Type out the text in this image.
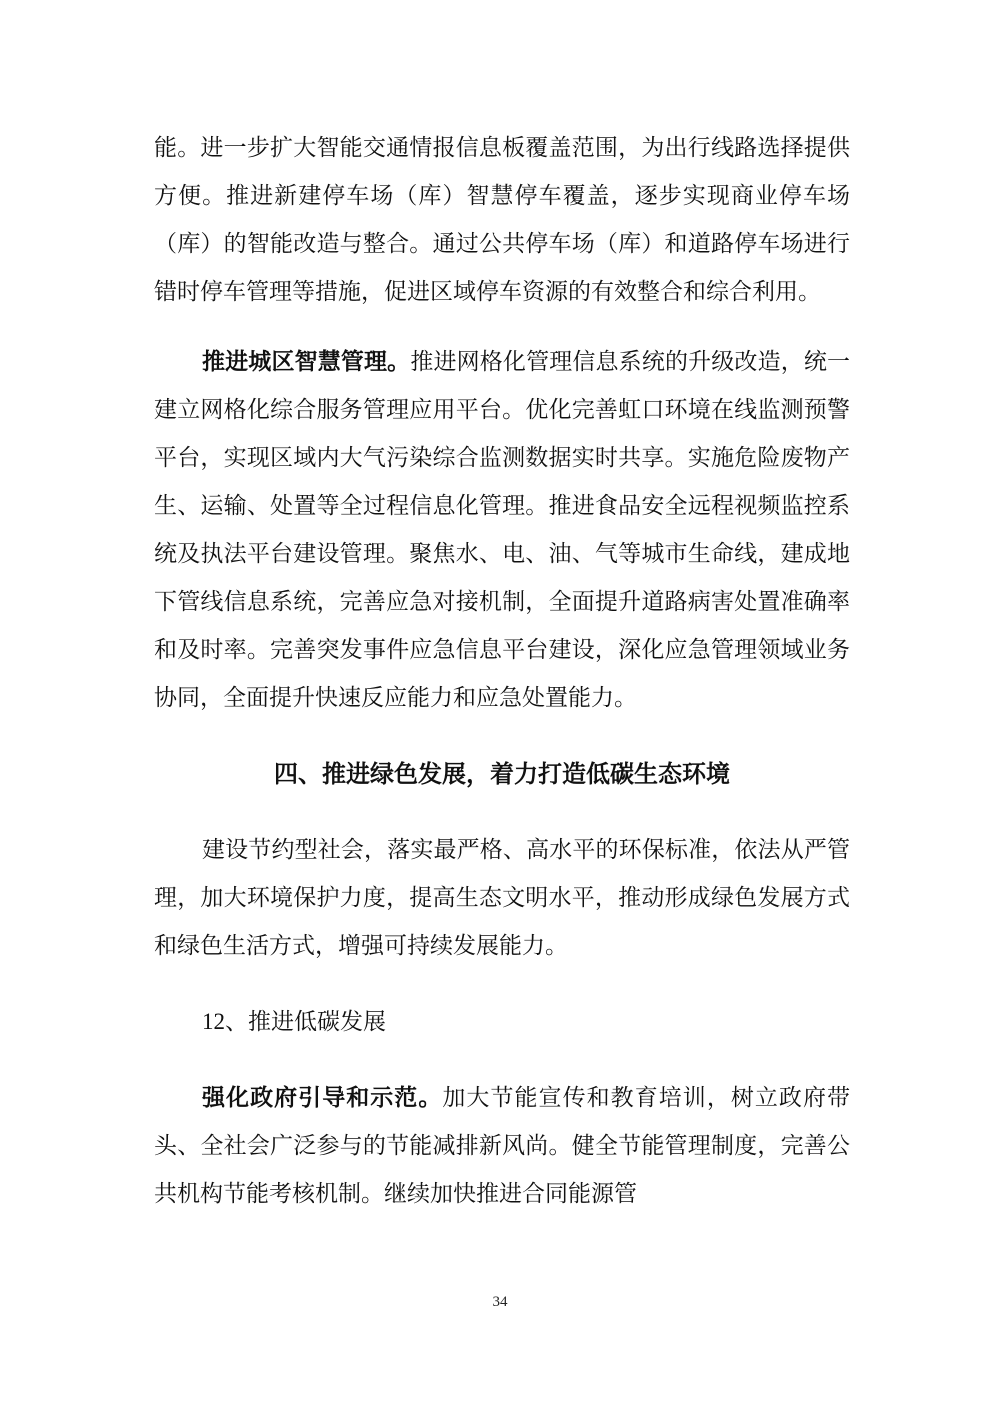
能。进一步扩大智能交通情报信息板覆盖范围，为出行线路选择提供方便。推进新建停车场（库）智慧停车覆盖，逐步实现商业停车场（库）的智能改造与整合。通过公共停车场（库）和道路停车场进行错时停车管理等措施，促进区域停车资源的有效整合和综合利用。

推进城区智慧管理。推进网格化管理信息系统的升级改造，统一建立网格化综合服务管理应用平台。优化完善虹口环境在线监测预警平台，实现区域内大气污染综合监测数据实时共享。实施危险废物产生、运输、处置等全过程信息化管理。推进食品安全远程视频监控系统及执法平台建设管理。聚焦水、电、油、气等城市生命线，建成地下管线信息系统，完善应急对接机制，全面提升道路病害处置准确率和及时率。完善突发事件应急信息平台建设，深化应急管理领域业务协同，全面提升快速反应能力和应急处置能力。

四、推进绿色发展，着力打造低碳生态环境

建设节约型社会，落实最严格、高水平的环保标准，依法从严管理，加大环境保护力度，提高生态文明水平，推动形成绿色发展方式和绿色生活方式，增强可持续发展能力。

12、推进低碳发展

强化政府引导和示范。加大节能宣传和教育培训，树立政府带头、全社会广泛参与的节能减排新风尚。健全节能管理制度，完善公共机构节能考核机制。继续加快推进合同能源管

34
